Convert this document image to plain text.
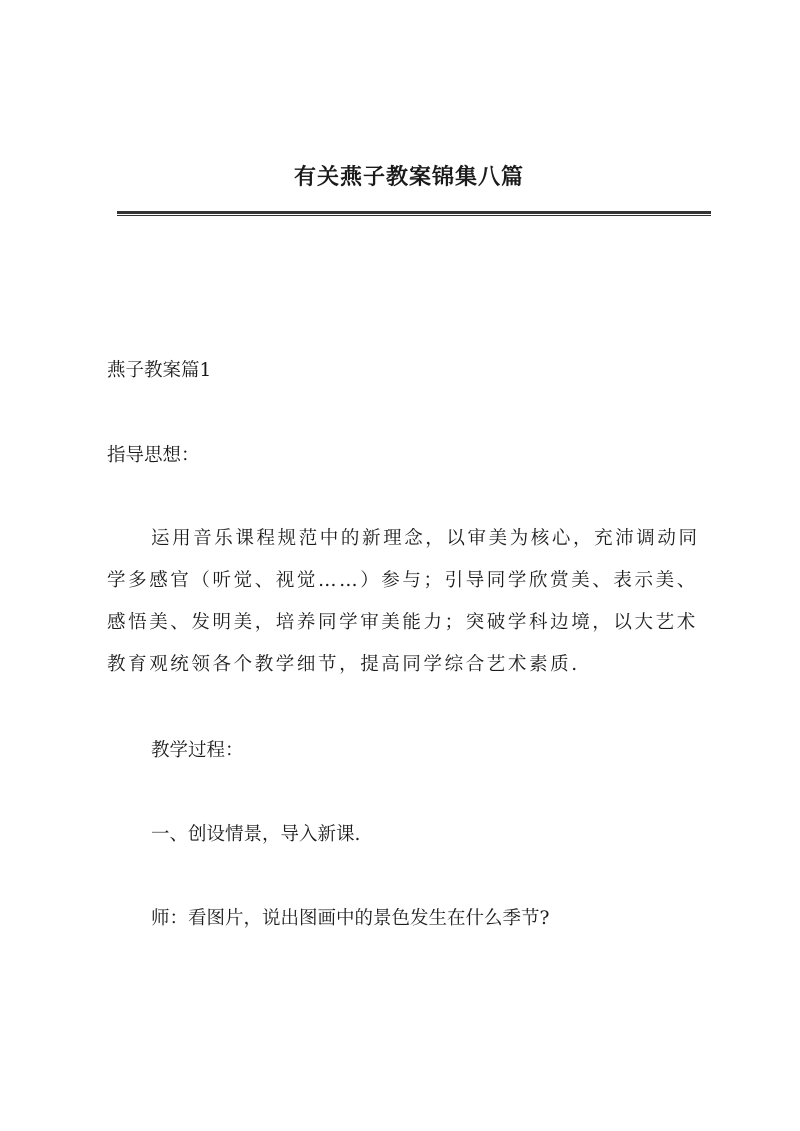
有关燕子教案锦集八篇
燕子教案篇1
指导思想：
运用音乐课程规范中的新理念，以审美为核心，充沛调动同
学多感官（听觉、视觉……）参与；引导同学欣赏美、表示美、
感悟美、发明美，培养同学审美能力；突破学科边境，以大艺术
教育观统领各个教学细节，提高同学综合艺术素质.
教学过程：
一、创设情景，导入新课.
师：看图片，说出图画中的景色发生在什么季节?
